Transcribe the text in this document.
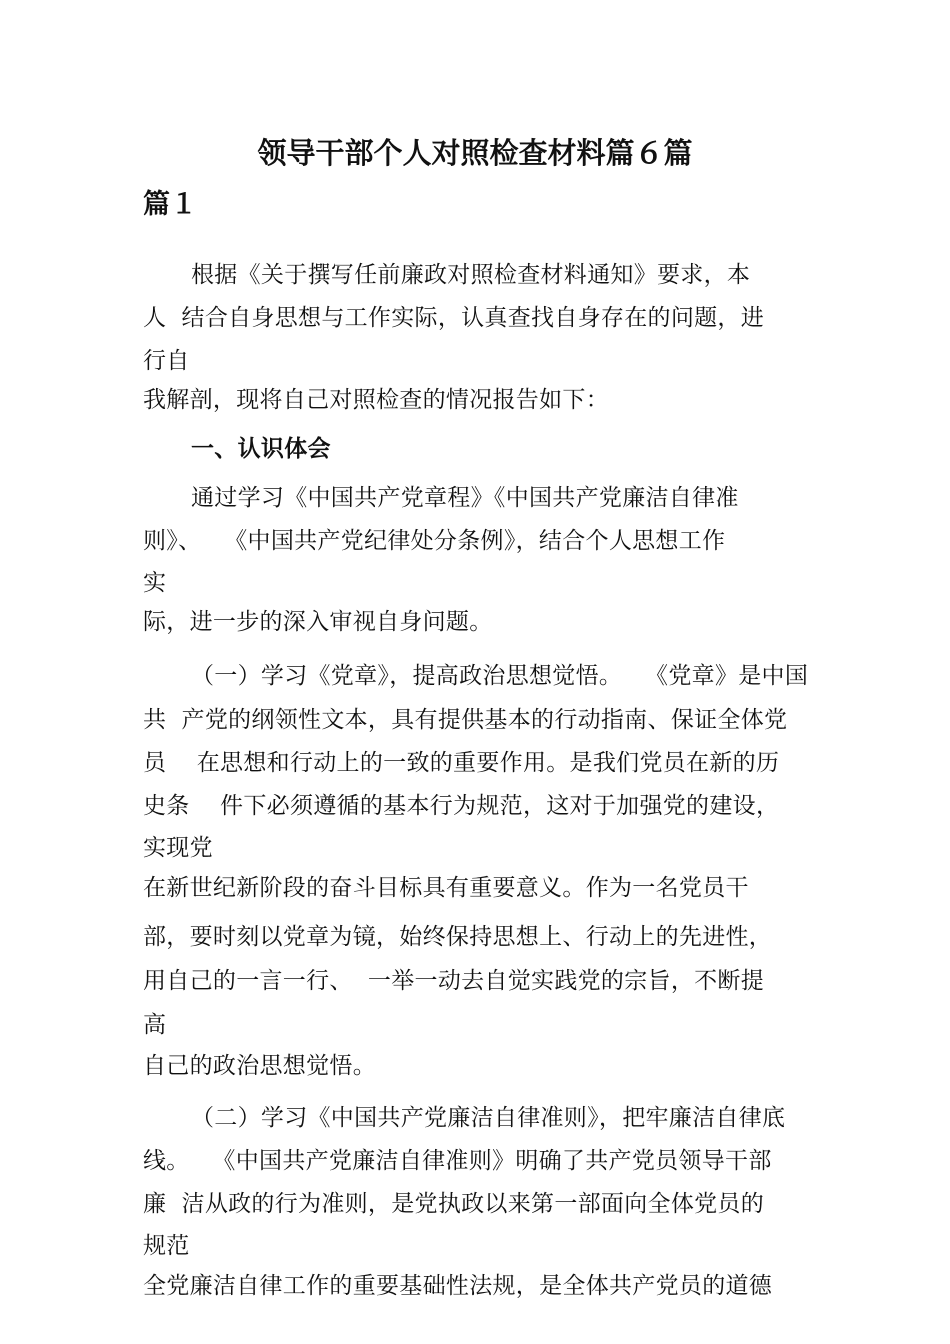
领导干部个人对照检查材料篇６篇
篇１
根据《关于撰写任前廉政对照检查材料通知》要求，本
人  结合自身思想与工作实际，认真查找自身存在的问题，进
行自
我解剖，现将自己对照检查的情况报告如下：
一、认识体会
通过学习《中国共产党章程》《中国共产党廉洁自律准
则》、   《中国共产党纪律处分条例》，结合个人思想工作
实
际，进一步的深入审视自身问题。
（一）学习《党章》，提高政治思想觉悟。   《党章》是中国
共  产党的纲领性文本，具有提供基本的行动指南、保证全体党
员    在思想和行动上的一致的重要作用。是我们党员在新的历
史条    件下必须遵循的基本行为规范，这对于加强党的建设，
实现党
在新世纪新阶段的奋斗目标具有重要意义。作为一名党员干
部，要时刻以党章为镜，始终保持思想上、行动上的先进性，
用自己的一言一行、  一举一动去自觉实践党的宗旨，不断提
高
自己的政治思想觉悟。
（二）学习《中国共产党廉洁自律准则》，把牢廉洁自律底
线。   《中国共产党廉洁自律准则》明确了共产党员领导干部
廉  洁从政的行为准则，是党执政以来第一部面向全体党员的
规范
全党廉洁自律工作的重要基础性法规，是全体共产党员的道德
